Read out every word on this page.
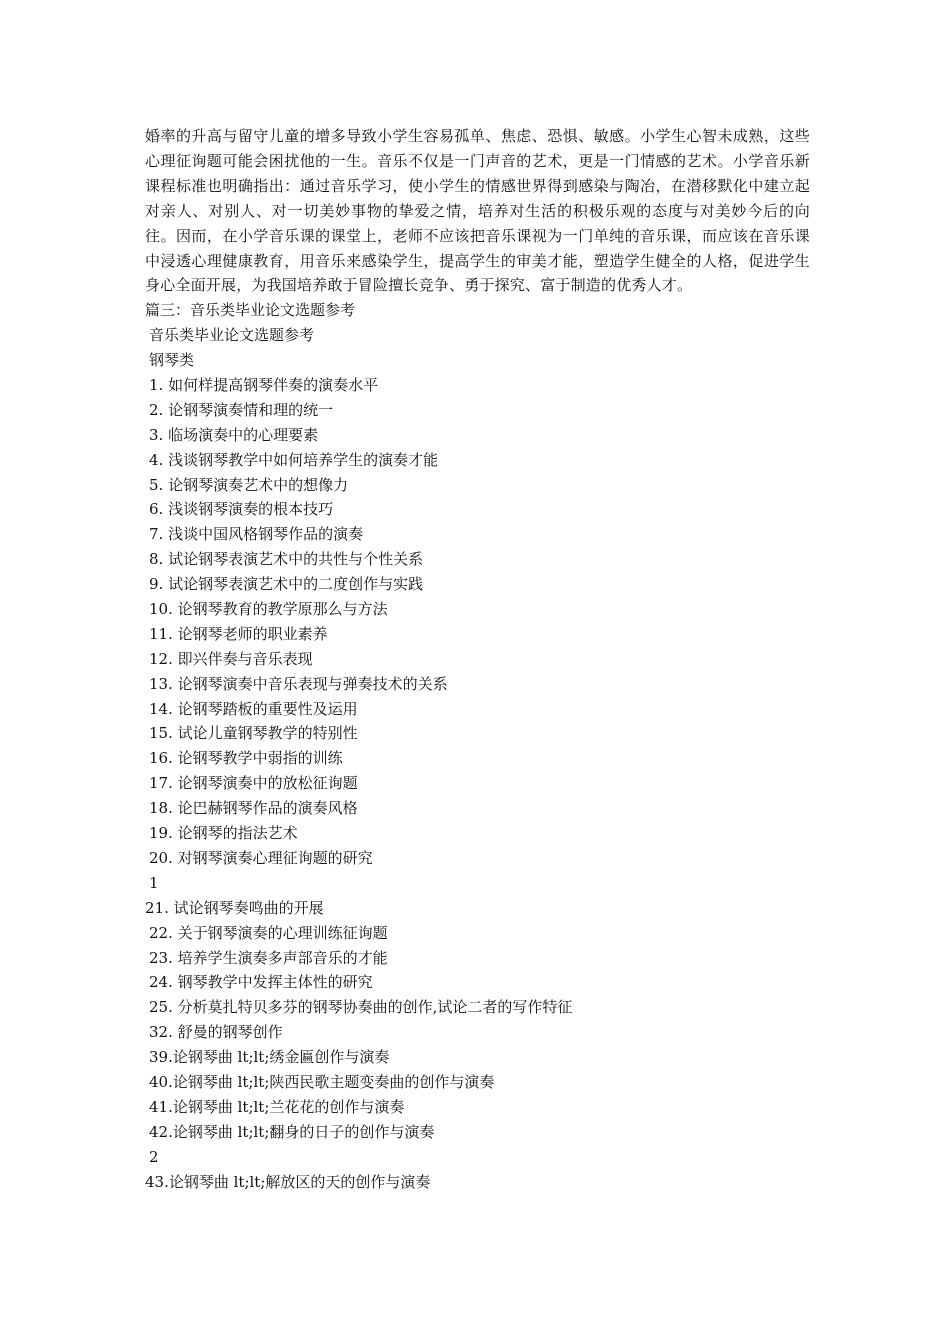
婚率的升高与留守儿童的增多导致小学生容易孤单、焦虑、恐惧、敏感。小学生心智未成熟，这些心理征询题可能会困扰他的一生。音乐不仅是一门声音的艺术，更是一门情感的艺术。小学音乐新课程标准也明确指出：通过音乐学习，使小学生的情感世界得到感染与陶冶，在潜移默化中建立起对亲人、对别人、对一切美妙事物的挚爱之情，培养对生活的积极乐观的态度与对美妙今后的向往。因而，在小学音乐课的课堂上，老师不应该把音乐课视为一门单纯的音乐课，而应该在音乐课中浸透心理健康教育，用音乐来感染学生，提高学生的审美才能，塑造学生健全的人格，促进学生身心全面开展，为我国培养敢于冒险擅长竞争、勇于探究、富于制造的优秀人才。

篇三：音乐类毕业论文选题参考
音乐类毕业论文选题参考
钢琴类
1. 如何样提高钢琴伴奏的演奏水平
2. 论钢琴演奏情和理的统一
3. 临场演奏中的心理要素
4. 浅谈钢琴教学中如何培养学生的演奏才能
5. 论钢琴演奏艺术中的想像力
6. 浅谈钢琴演奏的根本技巧
7. 浅谈中国风格钢琴作品的演奏
8. 试论钢琴表演艺术中的共性与个性关系
9. 试论钢琴表演艺术中的二度创作与实践
10. 论钢琴教育的教学原那么与方法
11. 论钢琴老师的职业素养
12. 即兴伴奏与音乐表现
13. 论钢琴演奏中音乐表现与弹奏技术的关系
14. 论钢琴踏板的重要性及运用
15. 试论儿童钢琴教学的特别性
16. 论钢琴教学中弱指的训练
17. 论钢琴演奏中的放松征询题
18. 论巴赫钢琴作品的演奏风格
19. 论钢琴的指法艺术
20. 对钢琴演奏心理征询题的研究
1
21. 试论钢琴奏鸣曲的开展
22. 关于钢琴演奏的心理训练征询题
23. 培养学生演奏多声部音乐的才能
24. 钢琴教学中发挥主体性的研究
25. 分析莫扎特贝多芬的钢琴协奏曲的创作,试论二者的写作特征
32. 舒曼的钢琴创作
39.论钢琴曲 lt;lt;绣金匾创作与演奏
40.论钢琴曲 lt;lt;陕西民歌主题变奏曲的创作与演奏
41.论钢琴曲 lt;lt;兰花花的创作与演奏
42.论钢琴曲 lt;lt;翻身的日子的创作与演奏
2
43.论钢琴曲 lt;lt;解放区的天的创作与演奏
